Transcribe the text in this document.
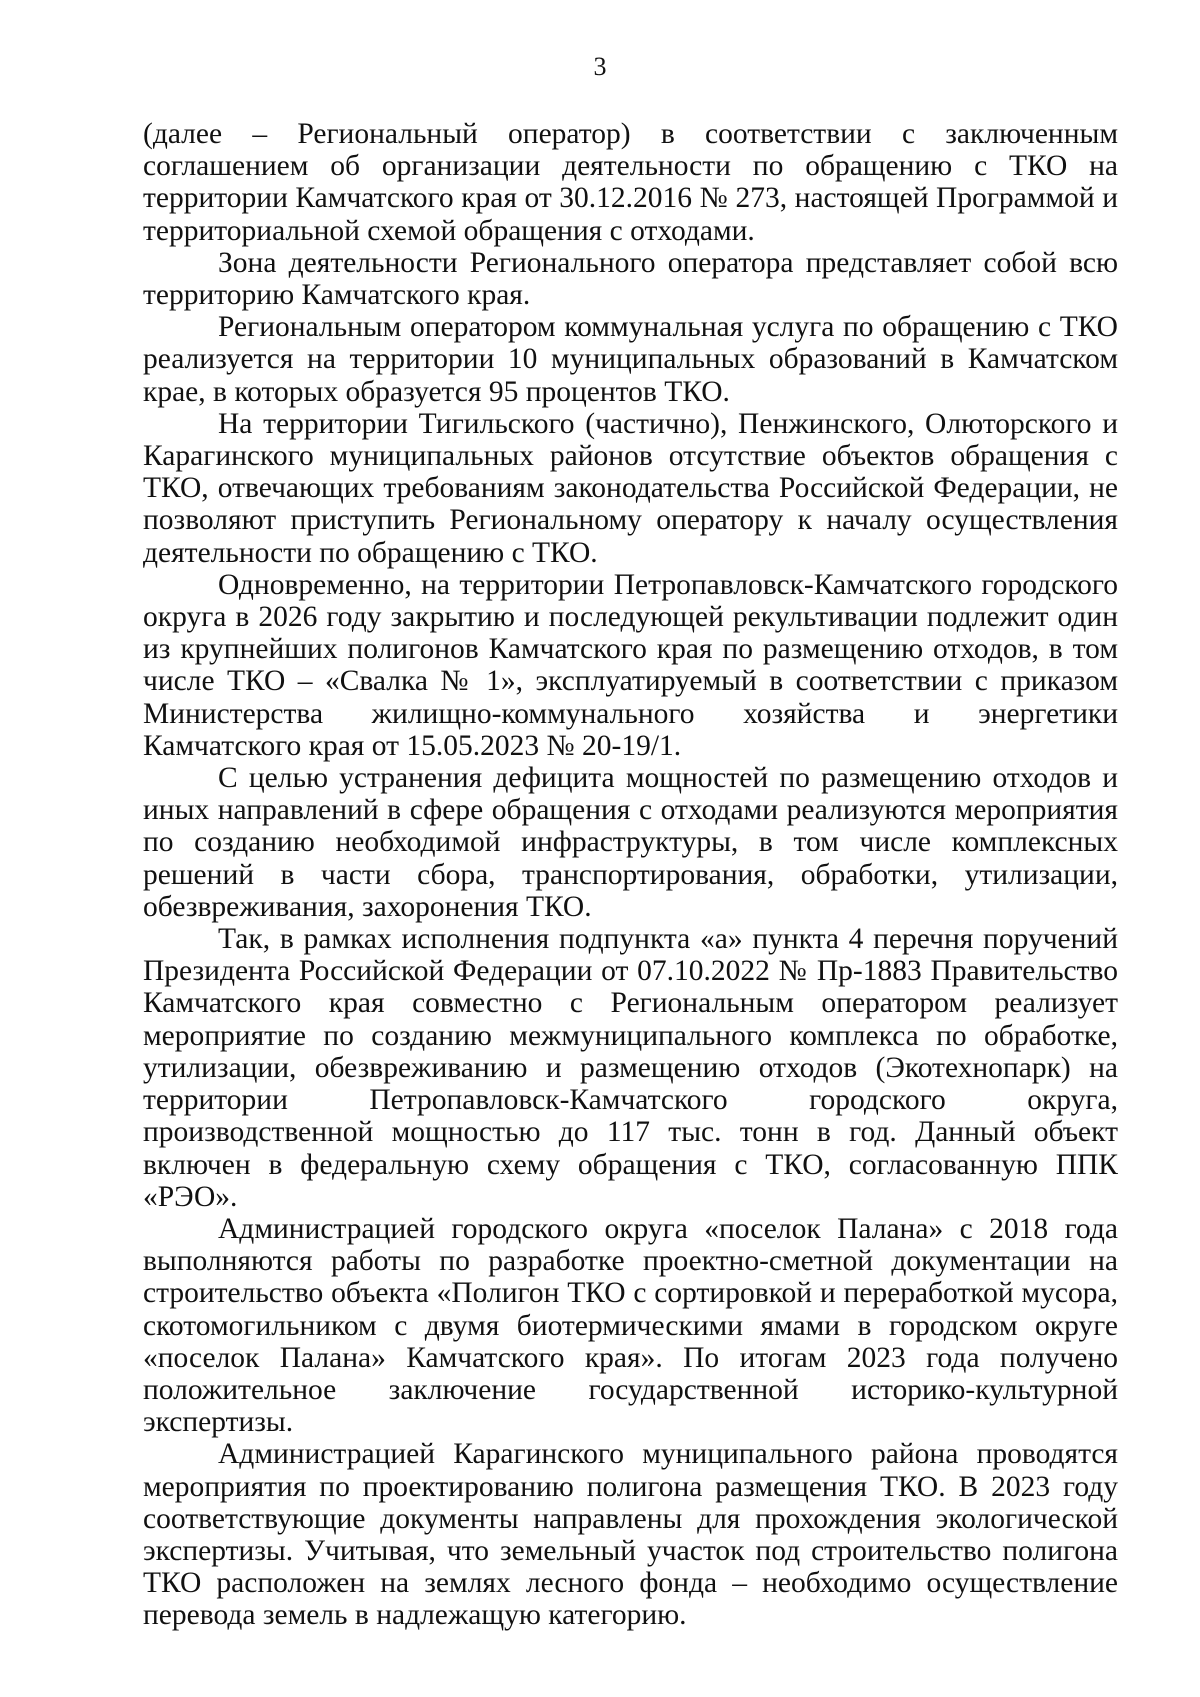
3

(далее – Региональный оператор) в соответствии с заключенным соглашением об организации деятельности по обращению с ТКО на территории Камчатского края от 30.12.2016 № 273, настоящей Программой и территориальной схемой обращения с отходами.

Зона деятельности Регионального оператора представляет собой всю территорию Камчатского края.

Региональным оператором коммунальная услуга по обращению с ТКО реализуется на территории 10 муниципальных образований в Камчатском крае, в которых образуется 95 процентов ТКО.

На территории Тигильского (частично), Пенжинского, Олюторского и Карагинского муниципальных районов отсутствие объектов обращения с ТКО, отвечающих требованиям законодательства Российской Федерации, не позволяют приступить Региональному оператору к началу осуществления деятельности по обращению с ТКО.

Одновременно, на территории Петропавловск-Камчатского городского округа в 2026 году закрытию и последующей рекультивации подлежит один из крупнейших полигонов Камчатского края по размещению отходов, в том числе ТКО – «Свалка № 1», эксплуатируемый в соответствии с приказом Министерства жилищно-коммунального хозяйства и энергетики Камчатского края от 15.05.2023 № 20-19/1.

С целью устранения дефицита мощностей по размещению отходов и иных направлений в сфере обращения с отходами реализуются мероприятия по созданию необходимой инфраструктуры, в том числе комплексных решений в части сбора, транспортирования, обработки, утилизации, обезвреживания, захоронения ТКО.

Так, в рамках исполнения подпункта «а» пункта 4 перечня поручений Президента Российской Федерации от 07.10.2022 № Пр-1883 Правительство Камчатского края совместно с Региональным оператором реализует мероприятие по созданию межмуниципального комплекса по обработке, утилизации, обезвреживанию и размещению отходов (Экотехнопарк) на территории Петропавловск-Камчатского городского округа, производственной мощностью до 117 тыс. тонн в год. Данный объект включен в федеральную схему обращения с ТКО, согласованную ППК «РЭО».

Администрацией городского округа «поселок Палана» с 2018 года выполняются работы по разработке проектно-сметной документации на строительство объекта «Полигон ТКО с сортировкой и переработкой мусора, скотомогильником с двумя биотермическими ямами в городском округе «поселок Палана» Камчатского края». По итогам 2023 года получено положительное заключение государственной историко-культурной экспертизы.

Администрацией Карагинского муниципального района проводятся мероприятия по проектированию полигона размещения ТКО. В 2023 году соответствующие документы направлены для прохождения экологической экспертизы. Учитывая, что земельный участок под строительство полигона ТКО расположен на землях лесного фонда – необходимо осуществление перевода земель в надлежащую категорию.
